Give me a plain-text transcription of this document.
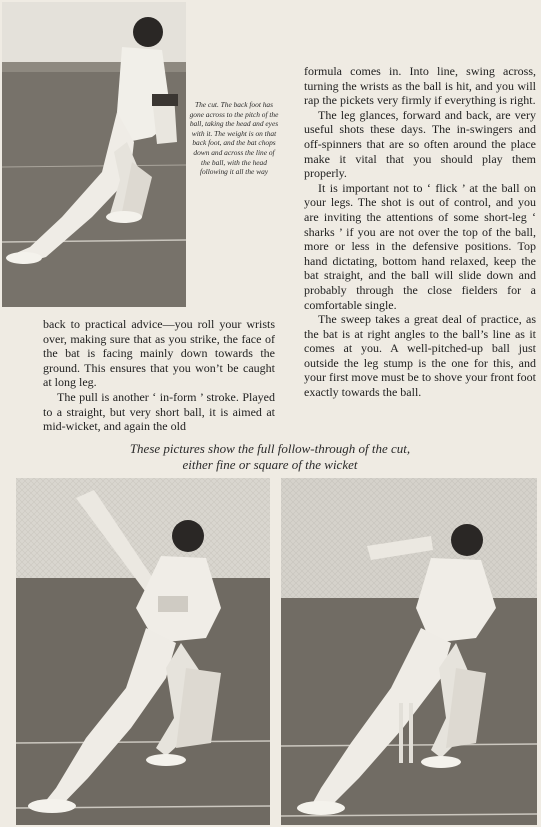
The cut. The back foot has gone across to the pitch of the ball, taking the head and eyes with it. The weight is on that back foot, and the bat chops down and across the line of the ball, with the head following it all the way

formula comes in. Into line, swing across, turning the wrists as the ball is hit, and you will rap the pickets very firmly if everything is right.

The leg glances, forward and back, are very useful shots these days. The in-swingers and off-spinners that are so often around the place make it vital that you should play them properly.

It is important not to ‘ flick ’ at the ball on your legs. The shot is out of control, and you are inviting the attentions of some short-leg ‘ sharks ’ if you are not over the top of the ball, more or less in the defensive positions. Top hand dictating, bottom hand relaxed, keep the bat straight, and the ball will slide down and probably through the close fielders for a comfortable single.

The sweep takes a great deal of practice, as the bat is at right angles to the ball’s line as it comes at you. A well-pitched-up ball just outside the leg stump is the one for this, and your first move must be to shove your front foot exactly towards the ball.

back to practical advice—you roll your wrists over, making sure that as you strike, the face of the bat is facing mainly down towards the ground. This ensures that you won’t be caught at long leg.

The pull is another ‘ in-form ’ stroke. Played to a straight, but very short ball, it is aimed at mid-wicket, and again the old

These pictures show the full follow-through of the cut,
either fine or square of the wicket
